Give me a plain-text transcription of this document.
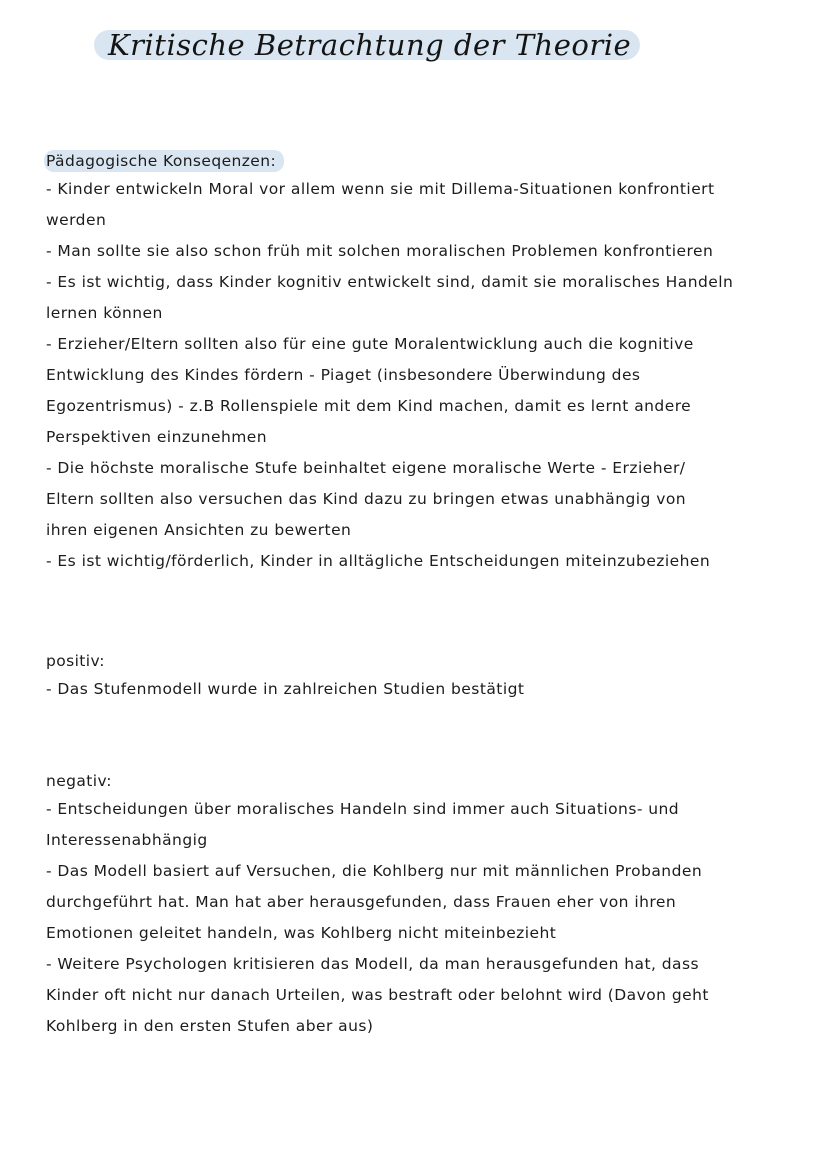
Kritische Betrachtung der Theorie
Pädagogische Konseqenzen:
- Kinder entwickeln Moral vor allem wenn sie mit Dillema-Situationen konfrontiert
werden
- Man sollte sie also schon früh mit solchen moralischen Problemen konfrontieren
- Es ist wichtig, dass Kinder kognitiv entwickelt sind, damit sie moralisches Handeln
lernen können
- Erzieher/Eltern sollten also für eine gute Moralentwicklung auch die kognitive
Entwicklung des Kindes fördern - Piaget (insbesondere Überwindung des
Egozentrismus) - z.B Rollenspiele mit dem Kind machen, damit es lernt andere
Perspektiven einzunehmen
- Die höchste moralische Stufe beinhaltet eigene moralische Werte - Erzieher/
Eltern sollten also versuchen das Kind dazu zu bringen etwas unabhängig von
ihren eigenen Ansichten zu bewerten
- Es ist wichtig/förderlich, Kinder in alltägliche Entscheidungen miteinzubeziehen
positiv:
- Das Stufenmodell wurde in zahlreichen Studien bestätigt
negativ:
- Entscheidungen über moralisches Handeln sind immer auch Situations- und
Interessenabhängig
- Das Modell basiert auf Versuchen, die Kohlberg nur mit männlichen Probanden
durchgeführt hat. Man hat aber herausgefunden, dass Frauen eher von ihren
Emotionen geleitet handeln, was Kohlberg nicht miteinbezieht
- Weitere Psychologen kritisieren das Modell, da man herausgefunden hat, dass
Kinder oft nicht nur danach Urteilen, was bestraft oder belohnt wird (Davon geht
Kohlberg in den ersten Stufen aber aus)
